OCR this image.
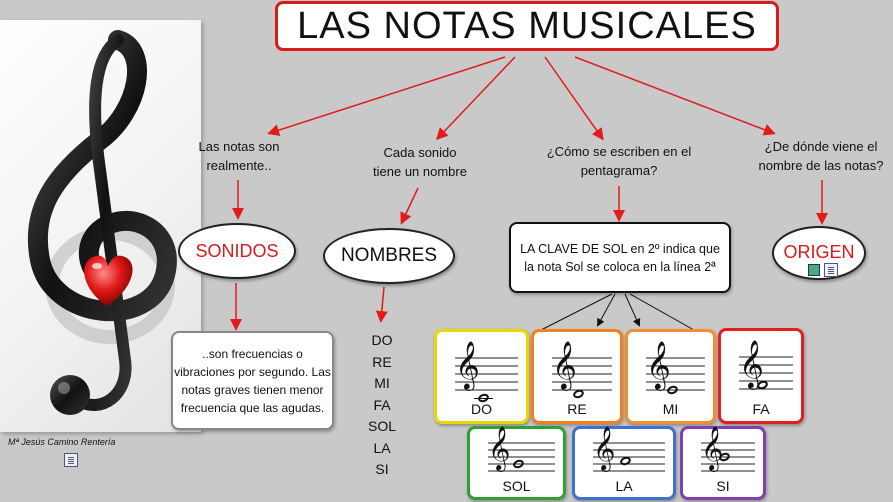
Mª Jesús Camino Rentería
LAS NOTAS MUSICALES
Las notas son realmente..
Cada sonido tiene un nombre
¿Cómo se escriben en el pentagrama?
¿De dónde viene el nombre de las notas?
SONIDOS	NOMBRES	ORIGEN
..son frecuencias o vibraciones por segundo. Las notas graves tienen menor frecuencia que las agudas.
LA CLAVE DE SOL en 2º indica que la nota Sol se coloca en la línea 2ª
DO
RE
MI
FA
SOL
LA
SI
𝄞
DO
𝄞
RE
𝄞
MI
𝄞
FA
𝄞
SOL
𝄞
LA
𝄞
SI
